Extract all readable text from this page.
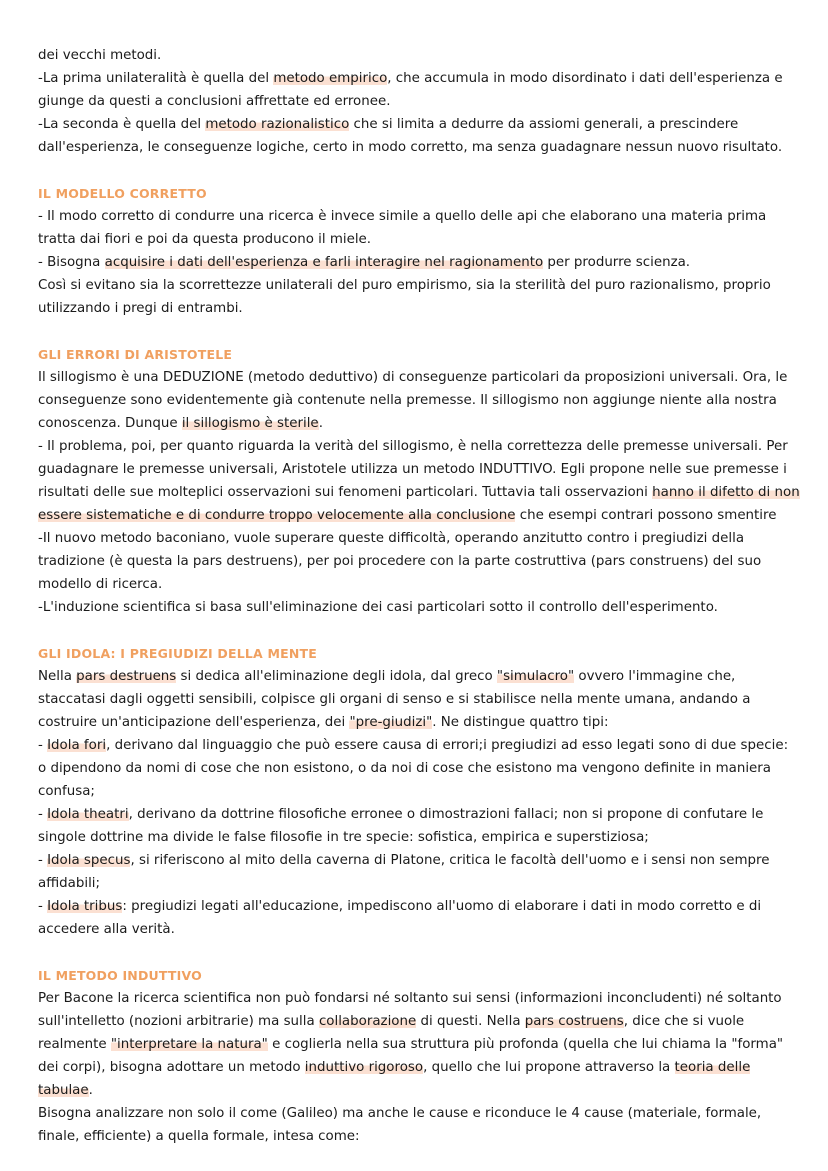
dei vecchi metodi.

-La prima unilateralità è quella del metodo empirico, che accumula in modo disordinato i dati dell'esperienza e giunge da questi a conclusioni affrettate ed erronee.

-La seconda è quella del metodo razionalistico che si limita a dedurre da assiomi generali, a prescindere dall'esperienza, le conseguenze logiche, certo in modo corretto, ma senza guadagnare nessun nuovo risultato.

IL MODELLO CORRETTO

- Il modo corretto di condurre una ricerca è invece simile a quello delle api che elaborano una materia prima tratta dai fiori e poi da questa producono il miele.

- Bisogna acquisire i dati dell'esperienza e farli interagire nel ragionamento per produrre scienza.

Così si evitano sia la scorrettezze unilaterali del puro empirismo, sia la sterilità del puro razionalismo, proprio utilizzando i pregi di entrambi.

GLI ERRORI DI ARISTOTELE

Il sillogismo è una DEDUZIONE (metodo deduttivo) di conseguenze particolari da proposizioni universali. Ora, le conseguenze sono evidentemente già contenute nella premesse. Il sillogismo non aggiunge niente alla nostra conoscenza. Dunque il sillogismo è sterile.

- Il problema, poi, per quanto riguarda la verità del sillogismo, è nella correttezza delle premesse universali. Per guadagnare le premesse universali, Aristotele utilizza un metodo INDUTTIVO. Egli propone nelle sue premesse i risultati delle sue molteplici osservazioni sui fenomeni particolari. Tuttavia tali osservazioni hanno il difetto di non essere sistematiche e di condurre troppo velocemente alla conclusione che esempi contrari possono smentire

-Il nuovo metodo baconiano, vuole superare queste difficoltà, operando anzitutto contro i pregiudizi della tradizione (è questa la pars destruens), per poi procedere con la parte costruttiva (pars construens) del suo modello di ricerca.

-L'induzione scientifica si basa sull'eliminazione dei casi particolari sotto il controllo dell'esperimento.

GLI IDOLA: I PREGIUDIZI DELLA MENTE

Nella pars destruens si dedica all'eliminazione degli idola, dal greco "simulacro" ovvero l'immagine che, staccatasi dagli oggetti sensibili, colpisce gli organi di senso e si stabilisce nella mente umana, andando a costruire un'anticipazione dell'esperienza, dei "pre-giudizi". Ne distingue quattro tipi:

- Idola fori, derivano dal linguaggio che può essere causa di errori;i pregiudizi ad esso legati sono di due specie: o dipendono da nomi di cose che non esistono, o da noi di cose che esistono ma vengono definite in maniera confusa;

- Idola theatri, derivano da dottrine filosofiche erronee o dimostrazioni fallaci; non si propone di confutare le singole dottrine ma divide le false filosofie in tre specie: sofistica, empirica e superstiziosa;

- Idola specus, si riferiscono al mito della caverna di Platone, critica le facoltà dell'uomo e i sensi non sempre affidabili;

- Idola tribus: pregiudizi legati all'educazione, impediscono all'uomo di elaborare i dati in modo corretto e di accedere alla verità.

IL METODO INDUTTIVO

Per Bacone la ricerca scientifica non può fondarsi né soltanto sui sensi (informazioni inconcludenti) né soltanto sull'intelletto (nozioni arbitrarie) ma sulla collaborazione di questi. Nella pars costruens, dice che si vuole realmente "interpretare la natura" e coglierla nella sua struttura più profonda (quella che lui chiama la "forma" dei corpi), bisogna adottare un metodo induttivo rigoroso, quello che lui propone attraverso la teoria delle tabulae.

Bisogna analizzare non solo il come (Galileo) ma anche le cause e riconduce le 4 cause (materiale, formale, finale, efficiente) a quella formale, intesa come:
